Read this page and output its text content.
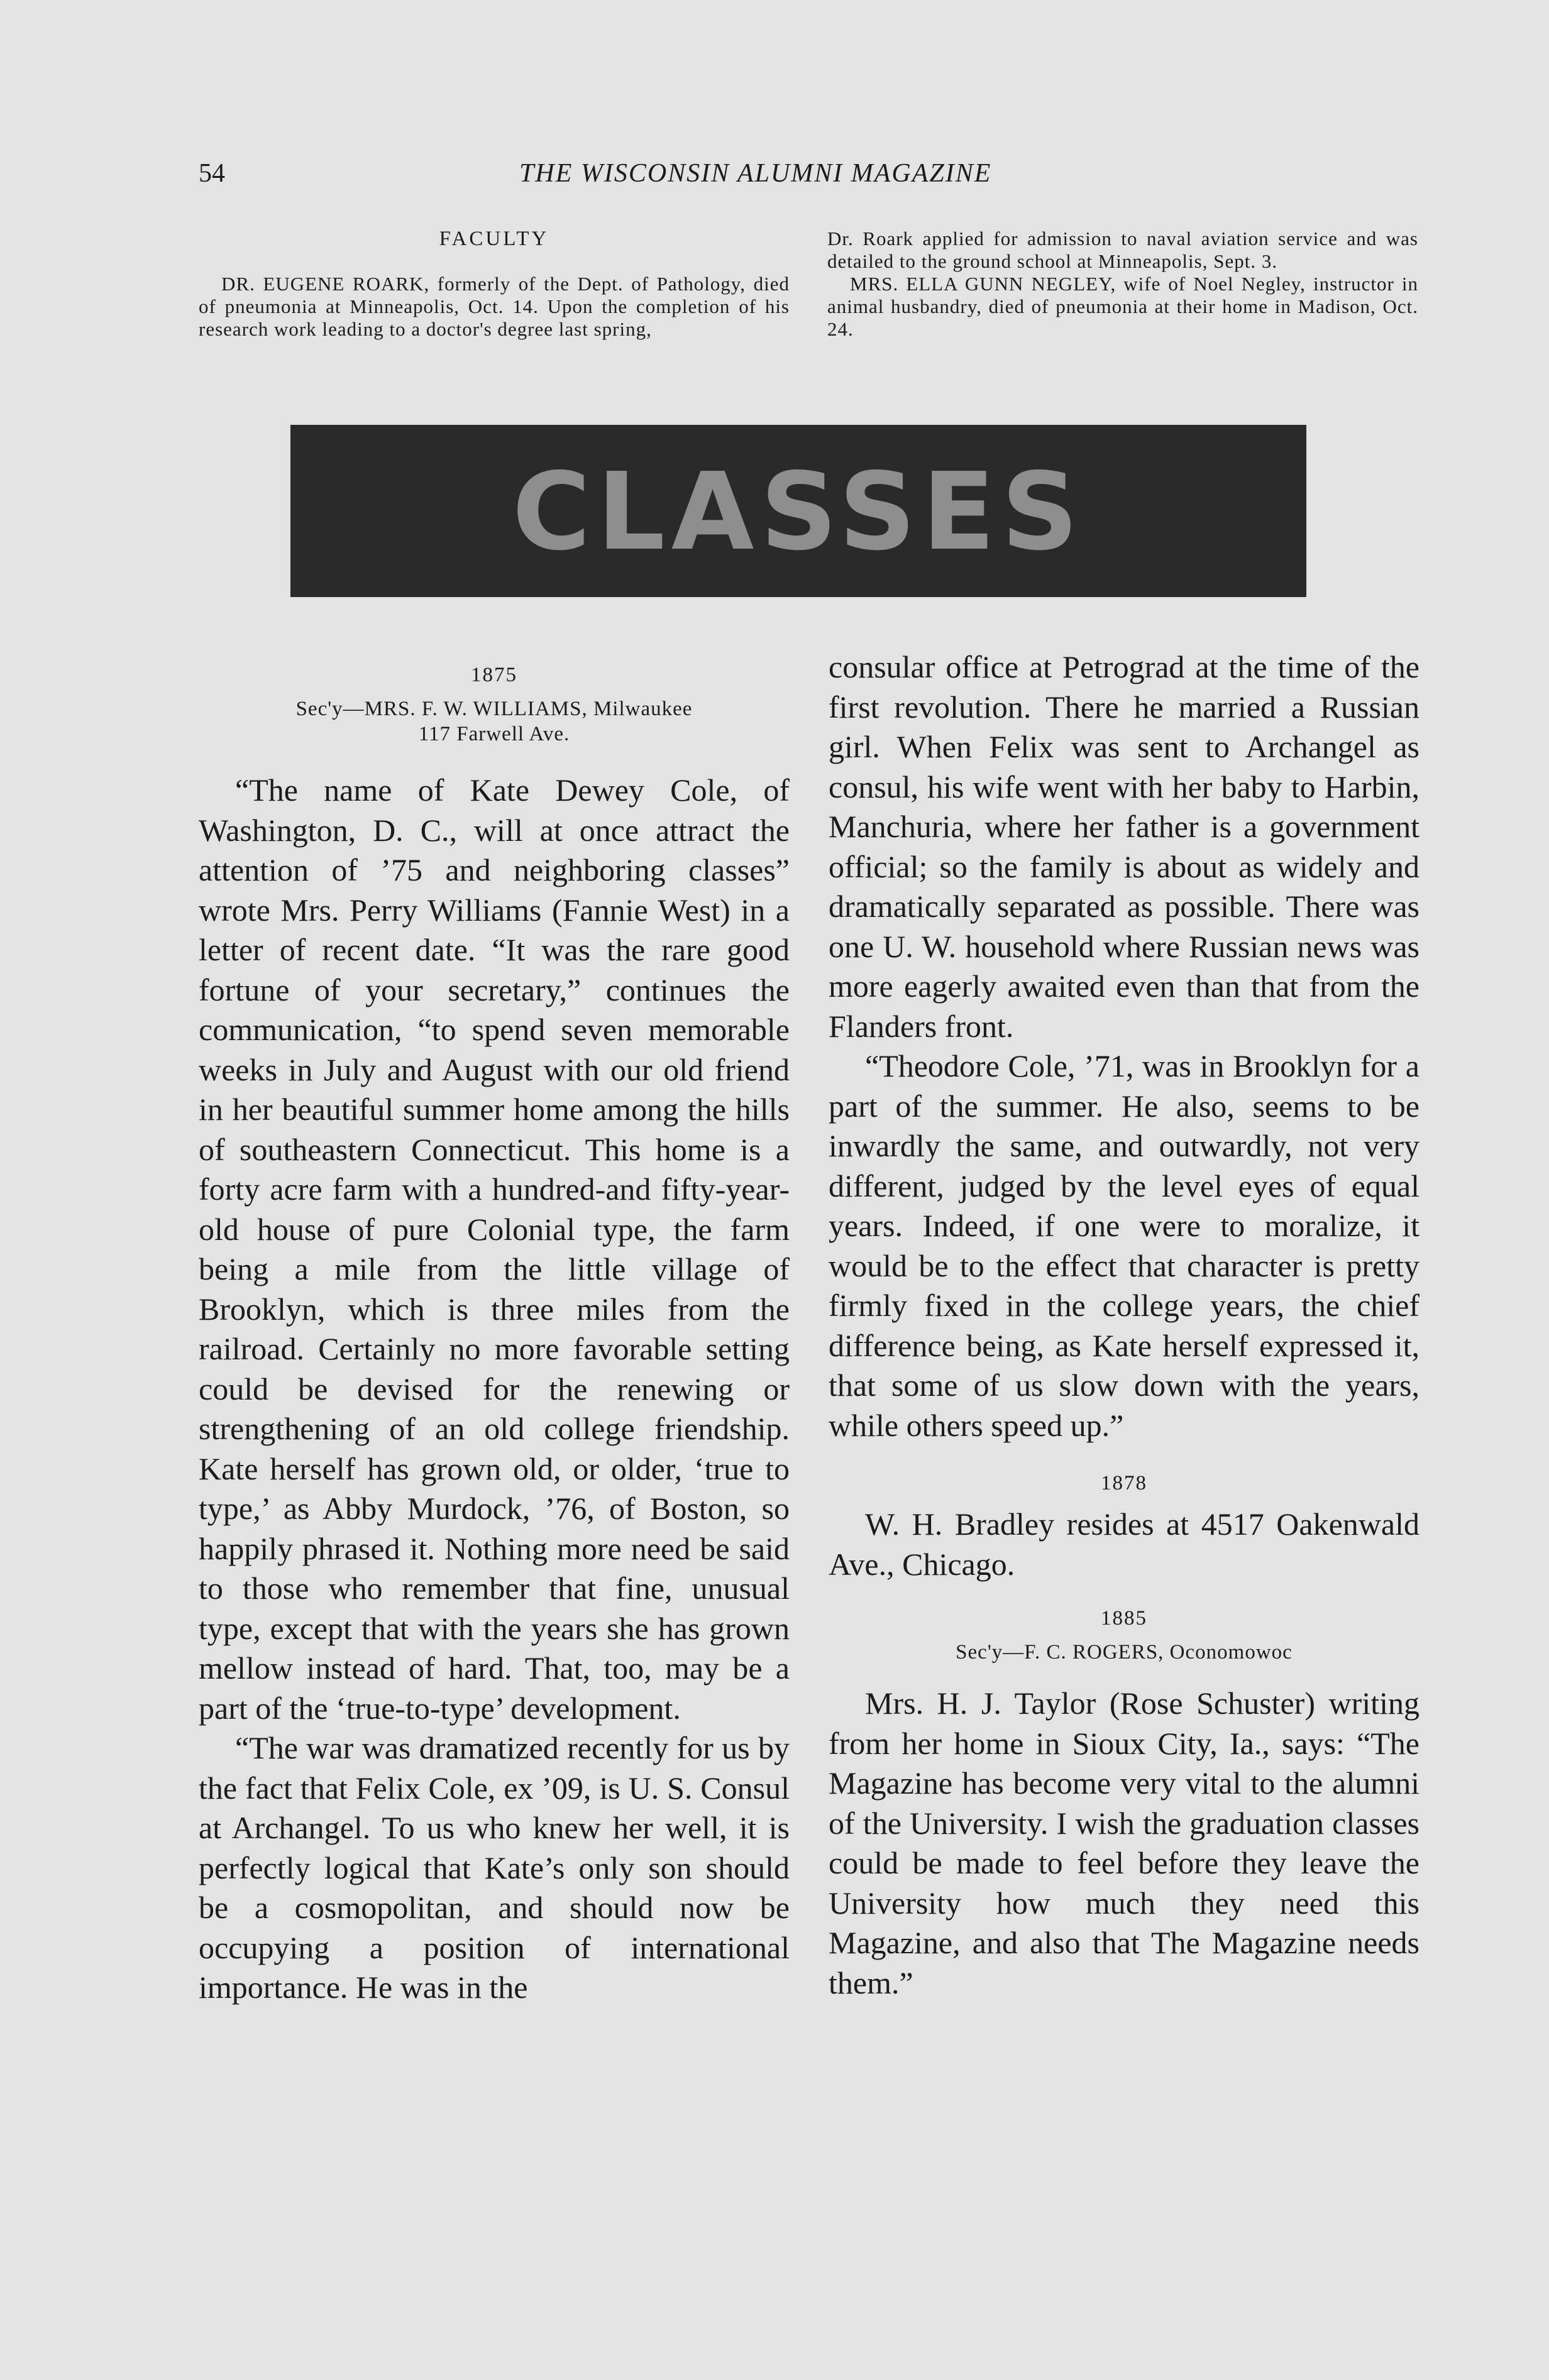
54	THE WISCONSIN ALUMNI MAGAZINE
FACULTY

DR. EUGENE ROARK, formerly of the Dept. of Pathology, died of pneumonia at Minneapolis, Oct. 14. Upon the completion of his research work leading to a doctor's degree last spring,

Dr. Roark applied for admission to naval aviation service and was detailed to the ground school at Minneapolis, Sept. 3.

MRS. ELLA GUNN NEGLEY, wife of Noel Negley, instructor in animal husbandry, died of pneumonia at their home in Madison, Oct. 24.

CLASSES
1875
Sec'y—MRS. F. W. WILLIAMS, Milwaukee
117 Farwell Ave.

“The name of Kate Dewey Cole, of Washington, D. C., will at once attract the attention of ’75 and neighboring classes” wrote Mrs. Perry Williams (Fannie West) in a letter of recent date. “It was the rare good fortune of your secretary,” continues the communication, “to spend seven memorable weeks in July and August with our old friend in her beautiful summer home among the hills of southeastern Connecticut. This home is a forty acre farm with a hundred-and fifty-year-old house of pure Colonial type, the farm being a mile from the little village of Brooklyn, which is three miles from the railroad. Certainly no more favorable setting could be devised for the renewing or strengthening of an old college friendship. Kate herself has grown old, or older, ‘true to type,’ as Abby Murdock, ’76, of Boston, so happily phrased it. Nothing more need be said to those who remember that fine, unusual type, except that with the years she has grown mellow instead of hard. That, too, may be a part of the ‘true-to-type’ development.

“The war was dramatized recently for us by the fact that Felix Cole, ex ’09, is U. S. Consul at Archangel. To us who knew her well, it is perfectly logical that Kate’s only son should be a cosmopolitan, and should now be occupying a position of international importance. He was in the

consular office at Petrograd at the time of the first revolution. There he married a Russian girl. When Felix was sent to Archangel as consul, his wife went with her baby to Harbin, Manchuria, where her father is a government official; so the family is about as widely and dramatically separated as possible. There was one U. W. household where Russian news was more eagerly awaited even than that from the Flanders front.

“Theodore Cole, ’71, was in Brooklyn for a part of the summer. He also, seems to be inwardly the same, and outwardly, not very different, judged by the level eyes of equal years. Indeed, if one were to moralize, it would be to the effect that character is pretty firmly fixed in the college years, the chief difference being, as Kate herself expressed it, that some of us slow down with the years, while others speed up.”

1878

W. H. Bradley resides at 4517 Oakenwald Ave., Chicago.

1885
Sec'y—F. C. ROGERS, Oconomowoc

Mrs. H. J. Taylor (Rose Schuster) writing from her home in Sioux City, Ia., says: “The Magazine has become very vital to the alumni of the University. I wish the graduation classes could be made to feel before they leave the University how much they need this Magazine, and also that The Magazine needs them.”
